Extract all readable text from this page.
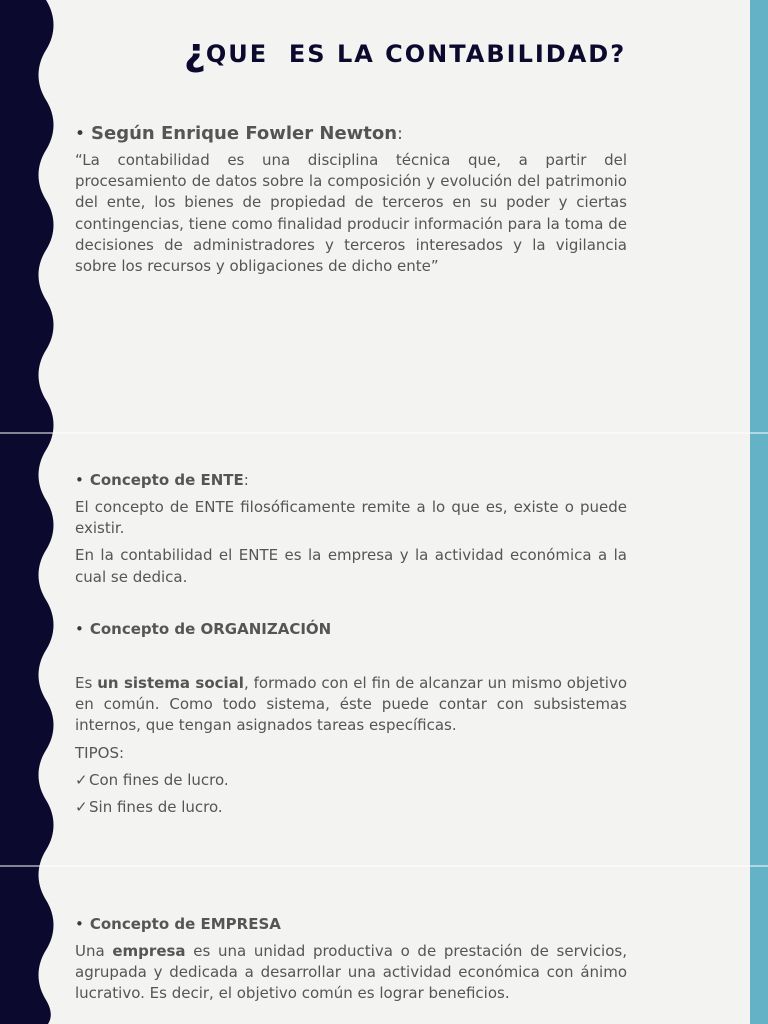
¿QUE  ES LA CONTABILIDAD?
• Según Enrique Fowler Newton:

“La contabilidad es una disciplina técnica que, a partir del procesamiento de datos sobre la composición y evolución del patrimonio del ente, los bienes de propiedad de terceros en su poder y ciertas contingencias, tiene como finalidad producir información para la toma de decisiones de administradores y terceros interesados y la vigilancia sobre los recursos y obligaciones de dicho ente”

• Concepto de ENTE:

El concepto de ENTE filosóficamente remite a lo que es, existe o puede existir.

En la contabilidad el ENTE es la empresa y la actividad económica a la cual se dedica.

• Concepto de ORGANIZACIÓN

Es un sistema social, formado con el fin de alcanzar un mismo objetivo en común. Como todo sistema, éste puede contar con subsistemas internos, que tengan asignados tareas específicas.

TIPOS:

✓Con fines de lucro.

✓Sin fines de lucro.

• Concepto de EMPRESA

Una empresa es una unidad productiva o de prestación de servicios, agrupada y dedicada a desarrollar una actividad económica con ánimo lucrativo. Es decir, el objetivo común es lograr beneficios.
